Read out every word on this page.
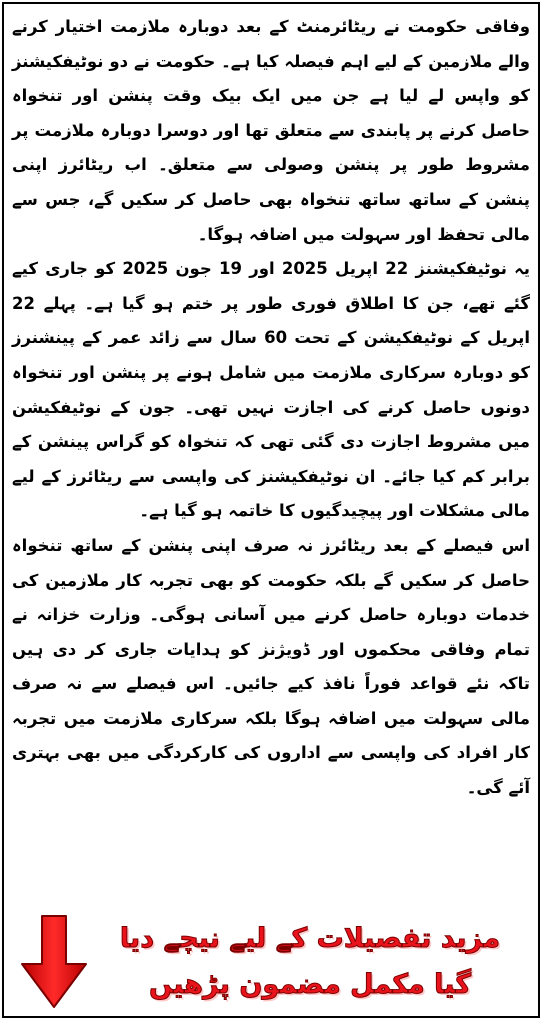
وفاقی حکومت نے ریٹائرمنٹ کے بعد دوبارہ ملازمت اختیار کرنے والے ملازمین کے لیے اہم فیصلہ کیا ہے۔ حکومت نے دو نوٹیفکیشنز کو واپس لے لیا ہے جن میں ایک بیک وقت پنشن اور تنخواہ حاصل کرنے پر پابندی سے متعلق تھا اور دوسرا دوبارہ ملازمت پر مشروط طور پر پنشن وصولی سے متعلق۔ اب ریٹائرز اپنی پنشن کے ساتھ ساتھ تنخواہ بھی حاصل کر سکیں گے، جس سے مالی تحفظ اور سہولت میں اضافہ ہوگا۔

یہ نوٹیفکیشنز 22 اپریل 2025 اور 19 جون 2025 کو جاری کیے گئے تھے، جن کا اطلاق فوری طور پر ختم ہو گیا ہے۔ پہلے 22 اپریل کے نوٹیفکیشن کے تحت 60 سال سے زائد عمر کے پینشنرز کو دوبارہ سرکاری ملازمت میں شامل ہونے پر پنشن اور تنخواہ دونوں حاصل کرنے کی اجازت نہیں تھی۔ جون کے نوٹیفکیشن میں مشروط اجازت دی گئی تھی کہ تنخواہ کو گراس پینشن کے برابر کم کیا جائے۔ ان نوٹیفکیشنز کی واپسی سے ریٹائرز کے لیے مالی مشکلات اور پیچیدگیوں کا خاتمہ ہو گیا ہے۔

اس فیصلے کے بعد ریٹائرز نہ صرف اپنی پنشن کے ساتھ تنخواہ حاصل کر سکیں گے بلکہ حکومت کو بھی تجربہ کار ملازمین کی خدمات دوبارہ حاصل کرنے میں آسانی ہوگی۔ وزارت خزانہ نے تمام وفاقی محکموں اور ڈویژنز کو ہدایات جاری کر دی ہیں تاکہ نئے قواعد فوراً نافذ کیے جائیں۔ اس فیصلے سے نہ صرف مالی سہولت میں اضافہ ہوگا بلکہ سرکاری ملازمت میں تجربہ کار افراد کی واپسی سے اداروں کی کارکردگی میں بھی بہتری آئے گی۔

مزید تفصیلات کے لیے نیچے دیا
گیا مکمل مضمون پڑھیں
